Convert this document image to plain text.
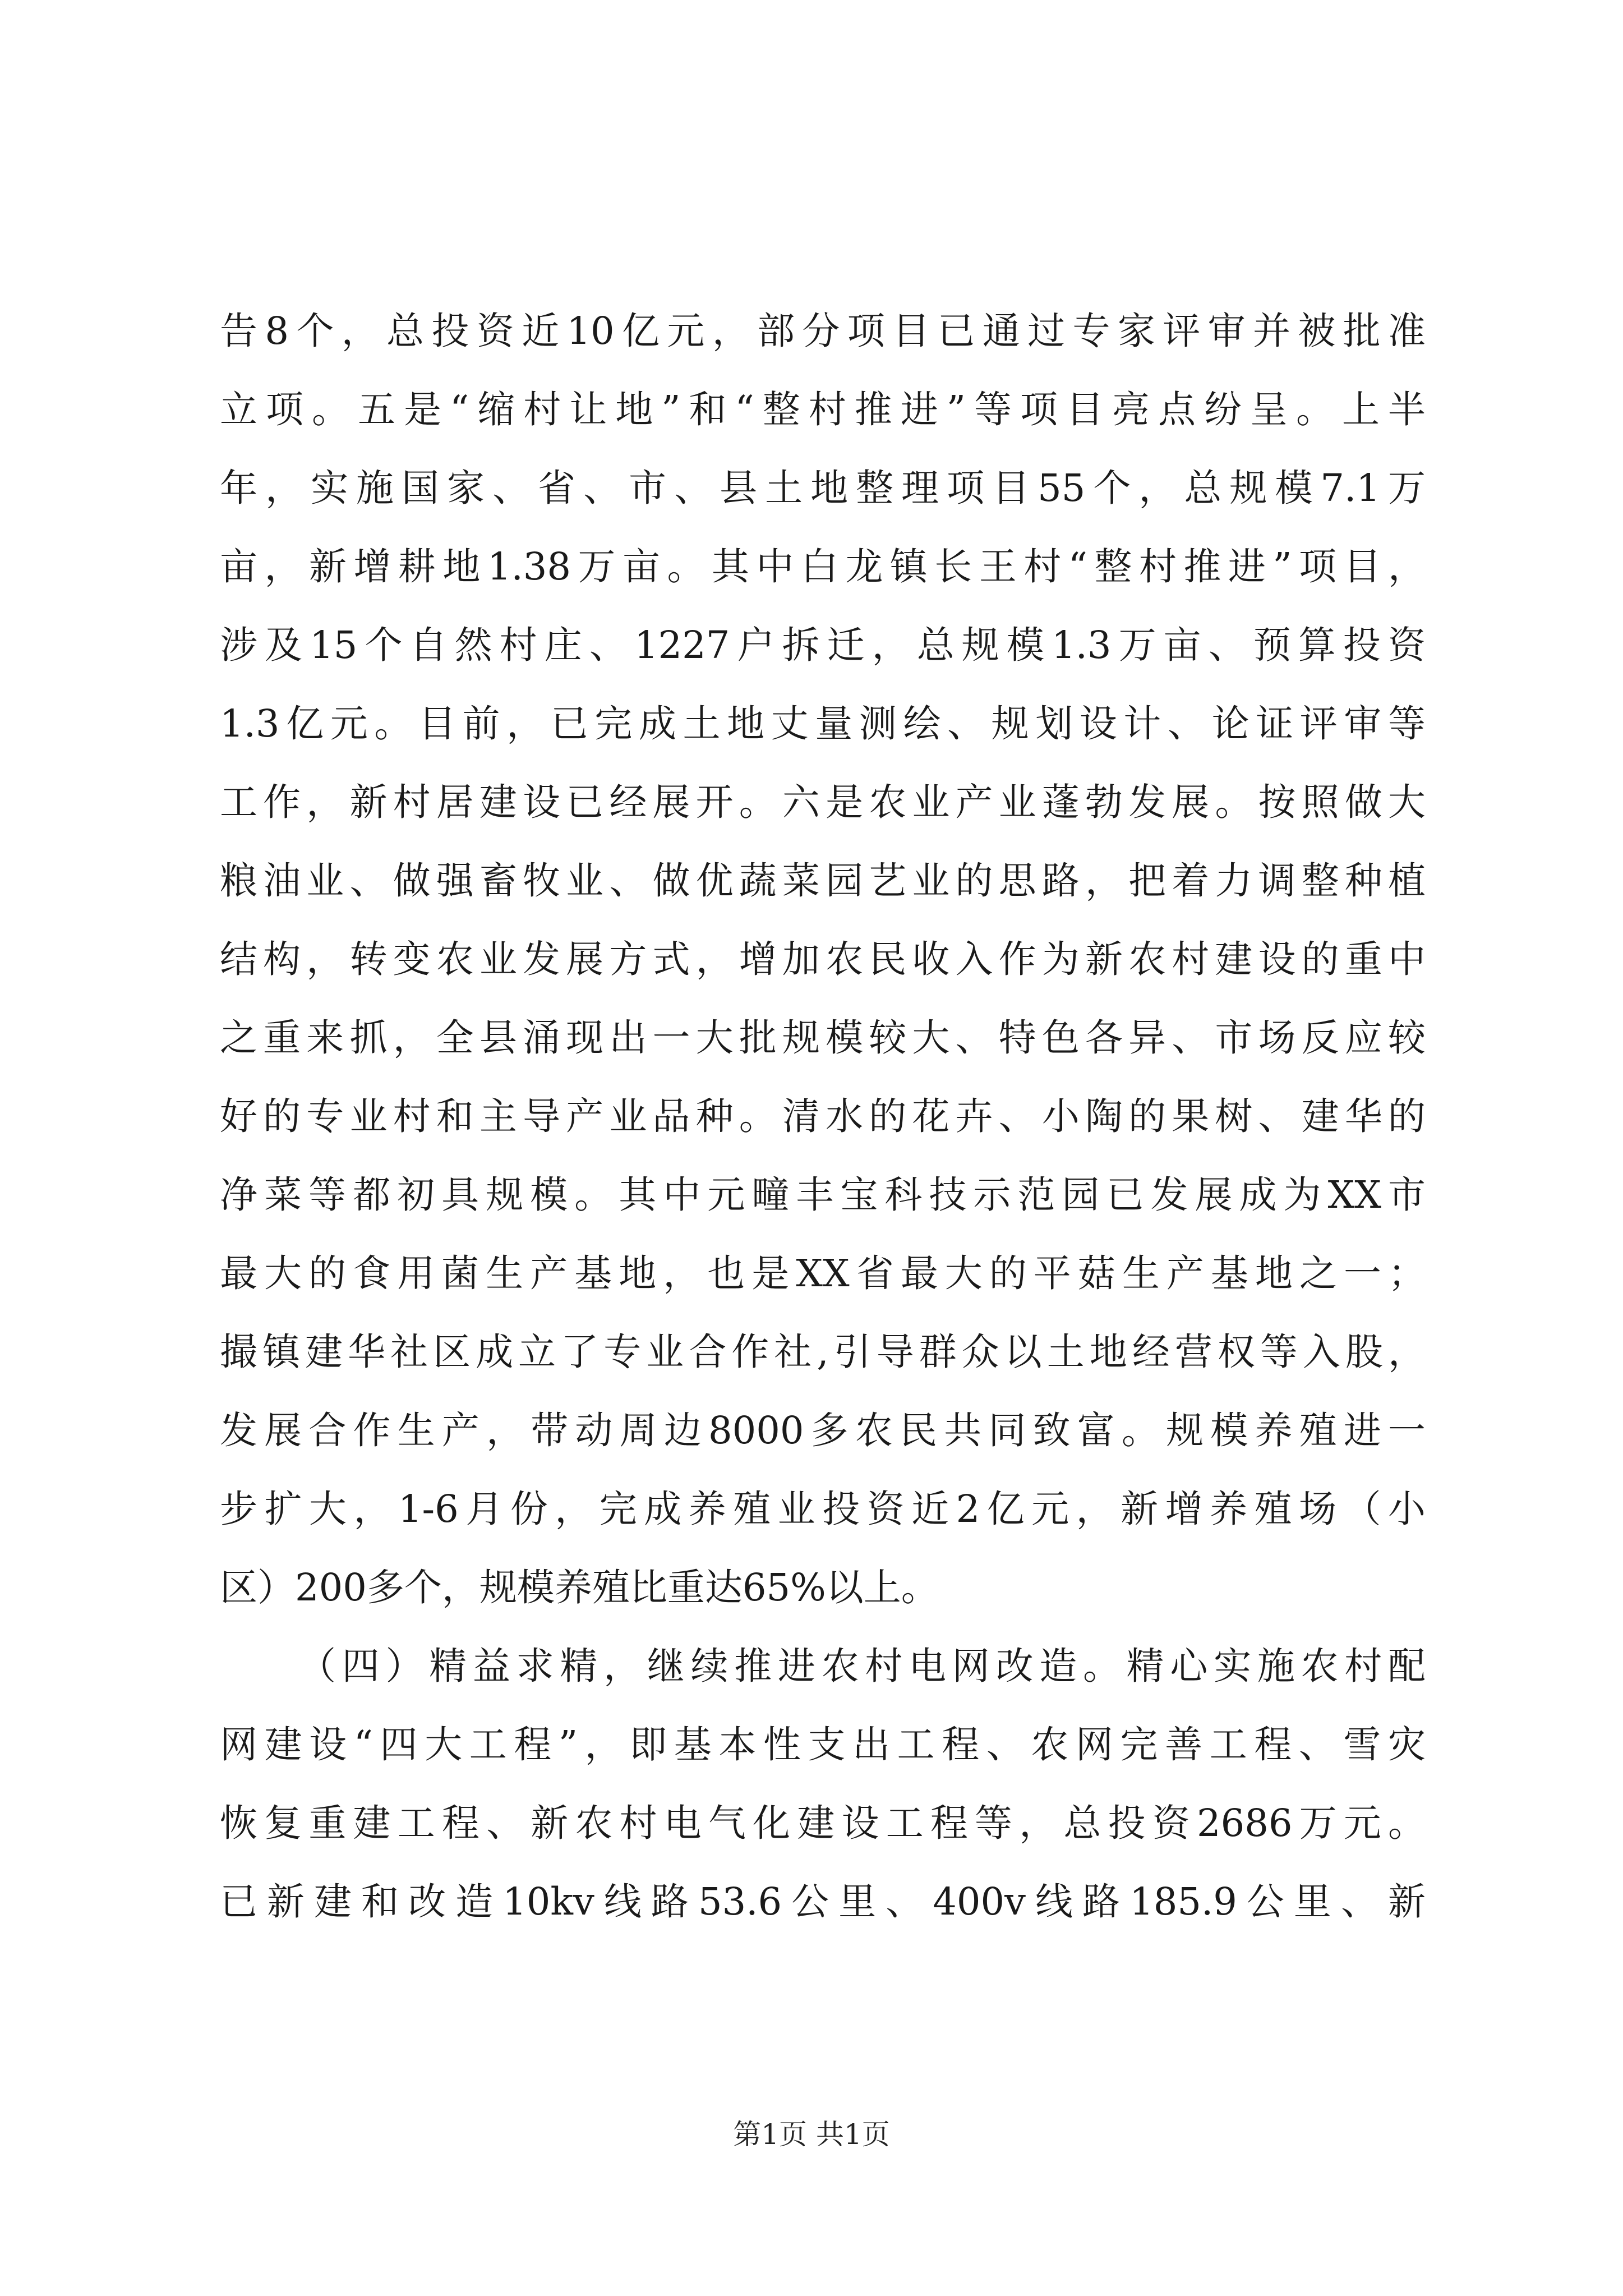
告8个，总投资近10亿元，部分项目已通过专家评审并被批准
立项。五是“缩村让地”和“整村推进”等项目亮点纷呈。上半
年，实施国家、省、市、县土地整理项目55个，总规模7.1万
亩，新增耕地1.38万亩。其中白龙镇长王村“整村推进”项目，
涉及15个自然村庄、1227户拆迁，总规模1.3万亩、预算投资
1.3亿元。目前，已完成土地丈量测绘、规划设计、论证评审等
工作，新村居建设已经展开。六是农业产业蓬勃发展。按照做大
粮油业、做强畜牧业、做优蔬菜园艺业的思路，把着力调整种植
结构，转变农业发展方式，增加农民收入作为新农村建设的重中
之重来抓，全县涌现出一大批规模较大、特色各异、市场反应较
好的专业村和主导产业品种。清水的花卉、小陶的果树、建华的
净菜等都初具规模。其中元疃丰宝科技示范园已发展成为XX市
最大的食用菌生产基地，也是XX省最大的平菇生产基地之一；
撮镇建华社区成立了专业合作社,引导群众以土地经营权等入股，
发展合作生产，带动周边8000多农民共同致富。规模养殖进一
步扩大，1-6月份，完成养殖业投资近2亿元，新增养殖场（小
区）200多个，规模养殖比重达65%以上。
（四）精益求精，继续推进农村电网改造。精心实施农村配
网建设“四大工程”，即基本性支出工程、农网完善工程、雪灾
恢复重建工程、新农村电气化建设工程等，总投资2686万元。
已新建和改造10kv线路53.6公里、400v线路185.9公里、新
第1页 共1页
